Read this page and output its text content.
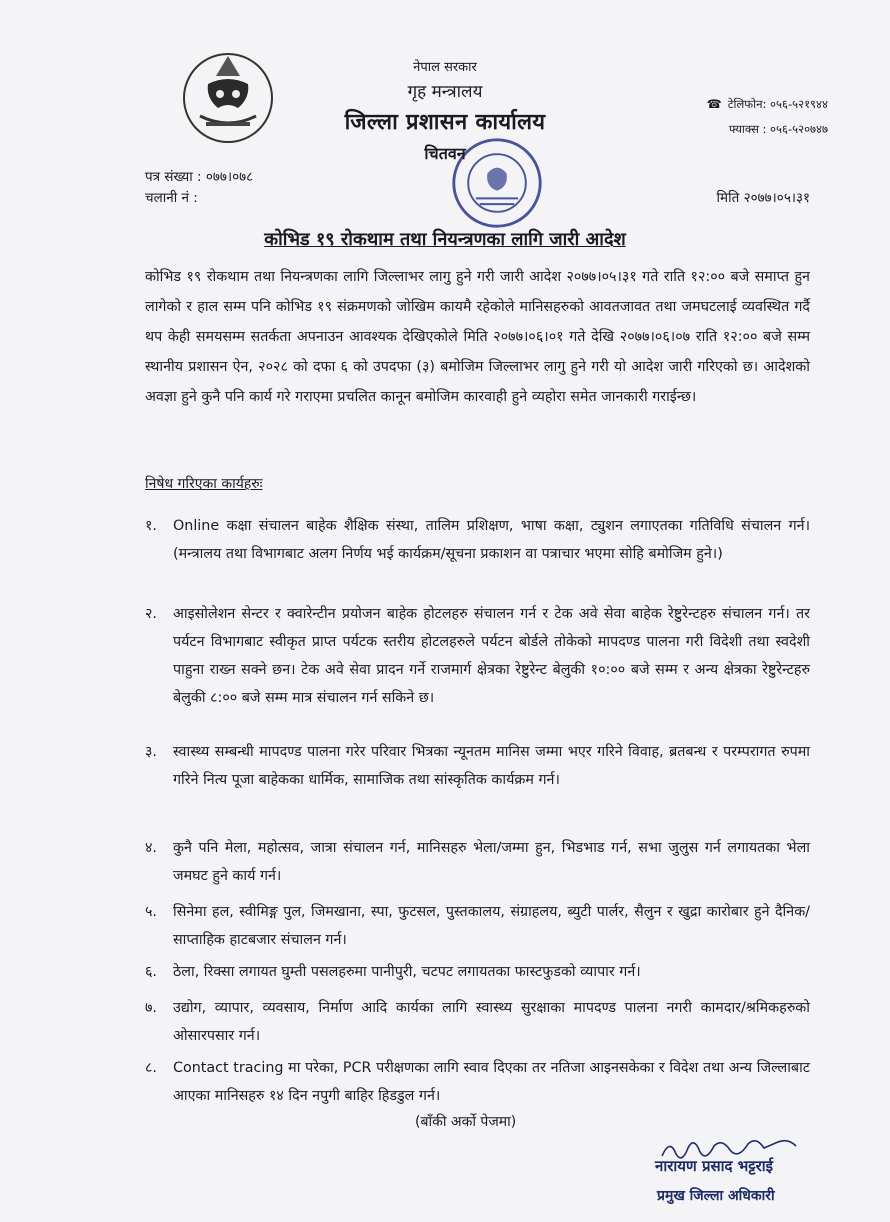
नेपाल सरकार
गृह मन्त्रालय
जिल्ला प्रशासन कार्यालय
चितवन
☎ टेलिफोन: ०५६-५२१९४४
फ्याक्स : ०५६-५२०७४७
पत्र संख्या : ०७७।०७८
चलानी नं :	मिति २०७७।०५।३१
कोभिड १९ रोकथाम तथा नियन्त्रणका लागि जारी आदेश

कोभिड १९ रोकथाम तथा नियन्त्रणका लागि जिल्लाभर लागु हुने गरी जारी आदेश २०७७।०५।३१ गते राति १२:०० बजे समाप्त हुन लागेको र हाल सम्म पनि कोभिड १९ संक्रमणको जोखिम कायमै रहेकोले मानिसहरुको आवतजावत तथा जमघटलाई व्यवस्थित गर्दै थप केही समयसम्म सतर्कता अपनाउन आवश्यक देखिएकोले मिति २०७७।०६।०१ गते देखि २०७७।०६।०७ राति १२:०० बजे सम्म स्थानीय प्रशासन ऐन, २०२८ को दफा ६ को उपदफा (३) बमोजिम जिल्लाभर लागु हुने गरी यो आदेश जारी गरिएको छ। आदेशको अवज्ञा हुने कुनै पनि कार्य गरे गराएमा प्रचलित कानून बमोजिम कारवाही हुने व्यहोरा समेत जानकारी गराईन्छ।

निषेध गरिएका कार्यहरुः
१.	Online कक्षा संचालन बाहेक शैक्षिक संस्था, तालिम प्रशिक्षण, भाषा कक्षा, ट्युशन लगाएतका गतिविधि संचालन गर्न। (मन्त्रालय तथा विभागबाट अलग निर्णय भई कार्यक्रम/सूचना प्रकाशन वा पत्राचार भएमा सोहि बमोजिम हुने।)
२.	आइसोलेशन सेन्टर र क्वारेन्टीन प्रयोजन बाहेक होटलहरु संचालन गर्न र टेक अवे सेवा बाहेक रेष्टुरेन्टहरु संचालन गर्न। तर पर्यटन विभागबाट स्वीकृत प्राप्त पर्यटक स्तरीय होटलहरुले पर्यटन बोर्डले तोकेको मापदण्ड पालना गरी विदेशी तथा स्वदेशी पाहुना राख्न सक्ने छन। टेक अवे सेवा प्रादन गर्ने राजमार्ग क्षेत्रका रेष्टुरेन्ट बेलुकी १०:०० बजे सम्म र अन्य क्षेत्रका रेष्टुरेन्टहरु बेलुकी ८:०० बजे सम्म मात्र संचालन गर्न सकिने छ।
३.	स्वास्थ्य सम्बन्धी मापदण्ड पालना गरेर परिवार भित्रका न्यूनतम मानिस जम्मा भएर गरिने विवाह, ब्रतबन्ध र परम्परागत रुपमा गरिने नित्य पूजा बाहेकका धार्मिक, सामाजिक तथा सांस्कृतिक कार्यक्रम गर्न।
४.	कुनै पनि मेला, महोत्सव, जात्रा संचालन गर्न, मानिसहरु भेला/जम्मा हुन, भिडभाड गर्न, सभा जुलुस गर्न लगायतका भेला जमघट हुने कार्य गर्न।
५.	सिनेमा हल, स्वीमिङ्ग पुल, जिमखाना, स्पा, फुटसल, पुस्तकालय, संग्राहलय, ब्युटी पार्लर, सैलुन र खुद्रा कारोबार हुने दैनिक/साप्ताहिक हाटबजार संचालन गर्न।
६.	ठेला, रिक्सा लगायत घुम्ती पसलहरुमा पानीपुरी, चटपट लगायतका फास्टफुडको व्यापार गर्न।
७.	उद्योग, व्यापार, व्यवसाय, निर्माण आदि कार्यका लागि स्वास्थ्य सुरक्षाका मापदण्ड पालना नगरी कामदार/श्रमिकहरुको ओसारपसार गर्न।
८.	Contact tracing मा परेका, PCR परीक्षणका लागि स्वाव दिएका तर नतिजा आइनसकेका र विदेश तथा अन्य जिल्लाबाट आएका मानिसहरु १४ दिन नपुगी बाहिर हिडडुल गर्न।
(बाँकी अर्को पेजमा)
नारायण प्रसाद भट्टराई
प्रमुख जिल्ला अधिकारी
